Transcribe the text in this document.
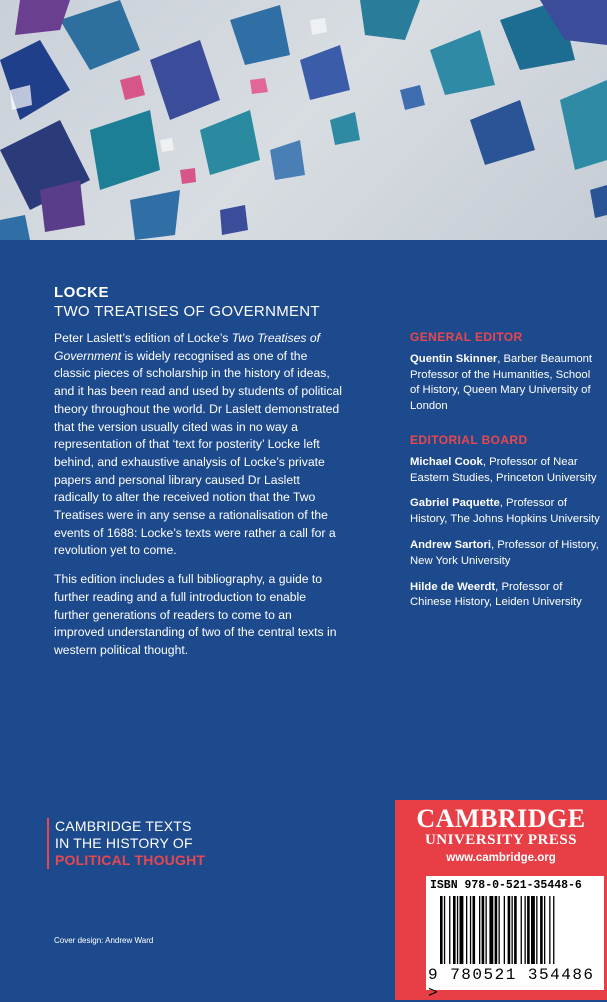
LOCKE
TWO TREATISES OF GOVERNMENT

Peter Laslett’s edition of Locke’s Two Treatises of Government is widely recognised as one of the classic pieces of scholarship in the history of ideas, and it has been read and used by students of political theory throughout the world. Dr Laslett demonstrated that the version usually cited was in no way a representation of that ‘text for posterity’ Locke left behind, and exhaustive analysis of Locke’s private papers and personal library caused Dr Laslett radically to alter the received notion that the Two Treatises were in any sense a rationalisation of the events of 1688: Locke’s texts were rather a call for a revolution yet to come.

This edition includes a full bibliography, a guide to further reading and a full introduction to enable further generations of readers to come to an improved understanding of two of the central texts in western political thought.

GENERAL EDITOR
Quentin Skinner, Barber Beaumont Professor of the Humanities, School of History, Queen Mary University of London
EDITORIAL BOARD
Michael Cook, Professor of Near Eastern Studies, Princeton University
Gabriel Paquette, Professor of History, The Johns Hopkins University
Andrew Sartori, Professor of History, New York University
Hilde de Weerdt, Professor of Chinese History, Leiden University
CAMBRIDGE TEXTS
IN THE HISTORY OF
POLITICAL THOUGHT
Cover design: Andrew Ward
CAMBRIDGE
UNIVERSITY PRESS
www.cambridge.org
ISBN 978-0-521-35448-6
9 780521 354486 >
